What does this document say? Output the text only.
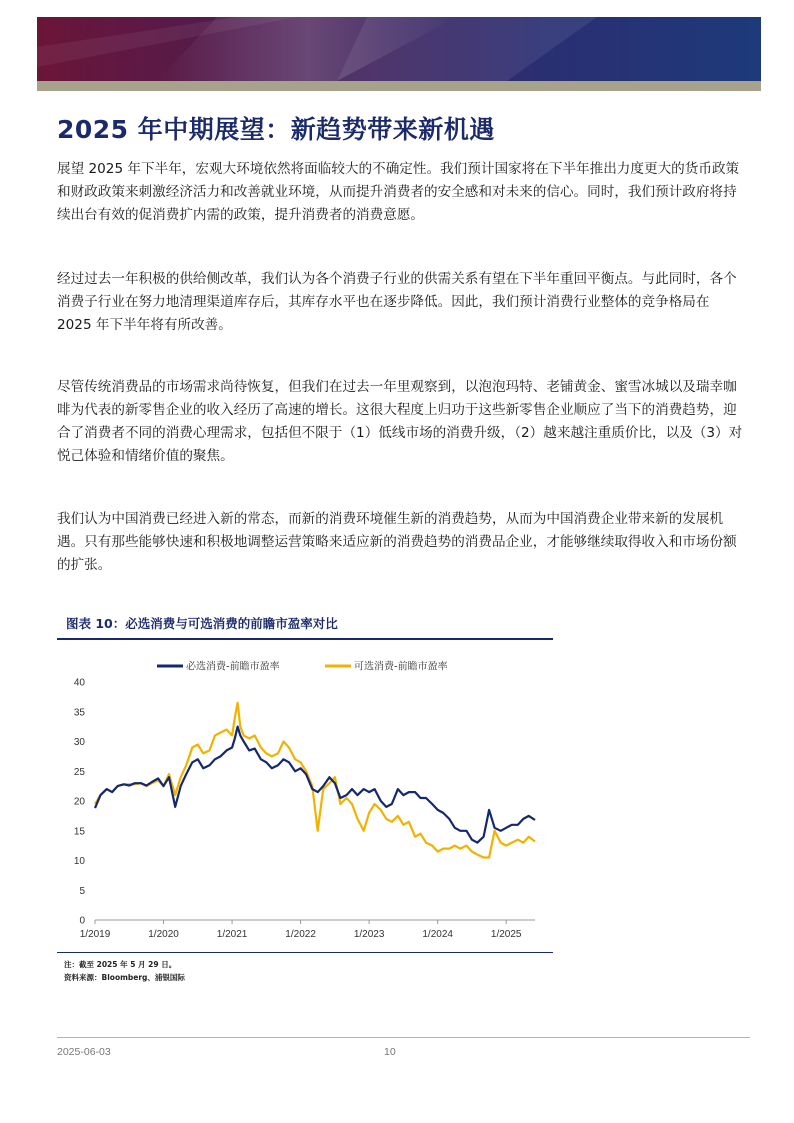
2025 年中期展望：新趋势带来新机遇

展望 2025 年下半年，宏观大环境依然将面临较大的不确定性。我们预计国家将在下半年推出力度更大的货币政策和财政政策来刺激经济活力和改善就业环境，从而提升消费者的安全感和对未来的信心。同时，我们预计政府将持续出台有效的促消费扩内需的政策，提升消费者的消费意愿。

经过过去一年积极的供给侧改革，我们认为各个消费子行业的供需关系有望在下半年重回平衡点。与此同时，各个消费子行业在努力地清理渠道库存后，其库存水平也在逐步降低。因此，我们预计消费行业整体的竞争格局在 2025 年下半年将有所改善。

尽管传统消费品的市场需求尚待恢复，但我们在过去一年里观察到，以泡泡玛特、老铺黄金、蜜雪冰城以及瑞幸咖啡为代表的新零售企业的收入经历了高速的增长。这很大程度上归功于这些新零售企业顺应了当下的消费趋势，迎合了消费者不同的消费心理需求，包括但不限于（1）低线市场的消费升级，（2）越来越注重质价比，以及（3）对悦己体验和情绪价值的聚焦。

我们认为中国消费已经进入新的常态，而新的消费环境催生新的消费趋势，从而为中国消费企业带来新的发展机遇。只有那些能够快速和积极地调整运营策略来适应新的消费趋势的消费品企业，才能够继续取得收入和市场份额的扩张。

图表 10：必选消费与可选消费的前瞻市盈率对比
0
5
10
15
20
25
30
35
40
1/2019	1/2020	1/2021	1/2022	1/2023	1/2024	1/2025
必选消费-前瞻市盈率	可选消费-前瞻市盈率
注：截至 2025 年 5 月 29 日。
资料来源：Bloomberg、浦银国际
2025-06-03	10
